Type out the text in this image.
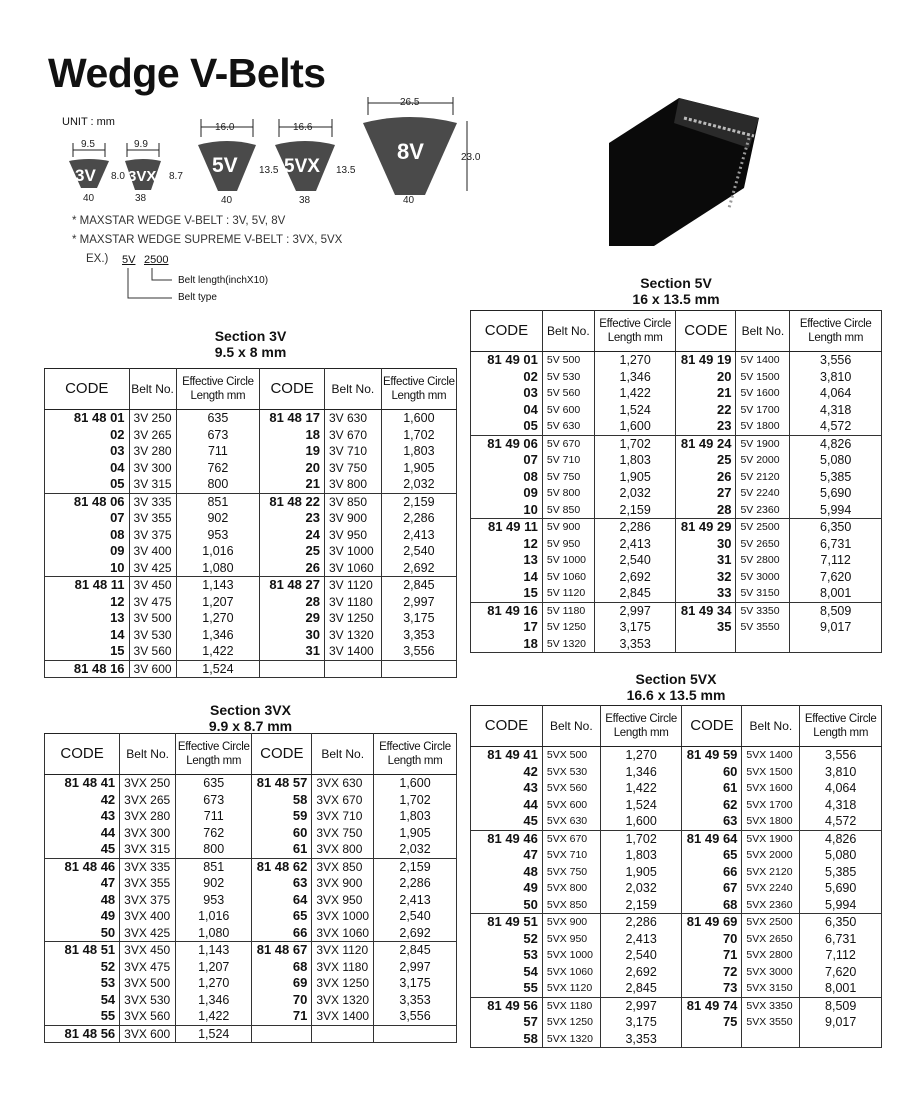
Wedge V-Belts
UNIT : mm
9.5
3V 8.0
40
9.9
3VX 8.7
38
16.0
5V 13.5
40
16.6
5VX 13.5
38
26.5
8V	23.0
40
* MAXSTAR WEDGE V-BELT : 3V, 5V, 8V
* MAXSTAR WEDGE SUPREME V-BELT : 3VX, 5VX
EX.) 5V 2500
Belt length(inchX10)
Belt type
Section 3V
9.5 x 8 mm
Section 3VX
9.9 x 8.7 mm
Section 5V
16 x 13.5 mm
Section 5VX
16.6 x 13.5 mm
CODE	Belt No.	Effective Circle
Length mm	CODE	Belt No.	Effective Circle
Length mm
81 48 01	3V 250	635	81 48 17	3V 630	1,600
02	3V 265	673	18	3V 670	1,702
03	3V 280	711	19	3V 710	1,803
04	3V 300	762	20	3V 750	1,905
05	3V 315	800	21	3V 800	2,032
81 48 06	3V 335	851	81 48 22	3V 850	2,159
07	3V 355	902	23	3V 900	2,286
08	3V 375	953	24	3V 950	2,413
09	3V 400	1,016	25	3V 1000	2,540
10	3V 425	1,080	26	3V 1060	2,692
81 48 11	3V 450	1,143	81 48 27	3V 1120	2,845
12	3V 475	1,207	28	3V 1180	2,997
13	3V 500	1,270	29	3V 1250	3,175
14	3V 530	1,346	30	3V 1320	3,353
15	3V 560	1,422	31	3V 1400	3,556
81 48 16	3V 600	1,524			
CODE	Belt No.	Effective Circle
Length mm	CODE	Belt No.	Effective Circle
Length mm
81 48 41	3VX 250	635	81 48 57	3VX 630	1,600
42	3VX 265	673	58	3VX 670	1,702
43	3VX 280	711	59	3VX 710	1,803
44	3VX 300	762	60	3VX 750	1,905
45	3VX 315	800	61	3VX 800	2,032
81 48 46	3VX 335	851	81 48 62	3VX 850	2,159
47	3VX 355	902	63	3VX 900	2,286
48	3VX 375	953	64	3VX 950	2,413
49	3VX 400	1,016	65	3VX 1000	2,540
50	3VX 425	1,080	66	3VX 1060	2,692
81 48 51	3VX 450	1,143	81 48 67	3VX 1120	2,845
52	3VX 475	1,207	68	3VX 1180	2,997
53	3VX 500	1,270	69	3VX 1250	3,175
54	3VX 530	1,346	70	3VX 1320	3,353
55	3VX 560	1,422	71	3VX 1400	3,556
81 48 56	3VX 600	1,524			
CODE	Belt No.	Effective Circle
Length mm	CODE	Belt No.	Effective Circle
Length mm
81 49 01	5V 500	1,270	81 49 19	5V 1400	3,556
02	5V 530	1,346	20	5V 1500	3,810
03	5V 560	1,422	21	5V 1600	4,064
04	5V 600	1,524	22	5V 1700	4,318
05	5V 630	1,600	23	5V 1800	4,572
81 49 06	5V 670	1,702	81 49 24	5V 1900	4,826
07	5V 710	1,803	25	5V 2000	5,080
08	5V 750	1,905	26	5V 2120	5,385
09	5V 800	2,032	27	5V 2240	5,690
10	5V 850	2,159	28	5V 2360	5,994
81 49 11	5V 900	2,286	81 49 29	5V 2500	6,350
12	5V 950	2,413	30	5V 2650	6,731
13	5V 1000	2,540	31	5V 2800	7,112
14	5V 1060	2,692	32	5V 3000	7,620
15	5V 1120	2,845	33	5V 3150	8,001
81 49 16	5V 1180	2,997	81 49 34	5V 3350	8,509
17	5V 1250	3,175	35	5V 3550	9,017
18	5V 1320	3,353			
CODE	Belt No.	Effective Circle
Length mm	CODE	Belt No.	Effective Circle
Length mm
81 49 41	5VX 500	1,270	81 49 59	5VX 1400	3,556
42	5VX 530	1,346	60	5VX 1500	3,810
43	5VX 560	1,422	61	5VX 1600	4,064
44	5VX 600	1,524	62	5VX 1700	4,318
45	5VX 630	1,600	63	5VX 1800	4,572
81 49 46	5VX 670	1,702	81 49 64	5VX 1900	4,826
47	5VX 710	1,803	65	5VX 2000	5,080
48	5VX 750	1,905	66	5VX 2120	5,385
49	5VX 800	2,032	67	5VX 2240	5,690
50	5VX 850	2,159	68	5VX 2360	5,994
81 49 51	5VX 900	2,286	81 49 69	5VX 2500	6,350
52	5VX 950	2,413	70	5VX 2650	6,731
53	5VX 1000	2,540	71	5VX 2800	7,112
54	5VX 1060	2,692	72	5VX 3000	7,620
55	5VX 1120	2,845	73	5VX 3150	8,001
81 49 56	5VX 1180	2,997	81 49 74	5VX 3350	8,509
57	5VX 1250	3,175	75	5VX 3550	9,017
58	5VX 1320	3,353			
